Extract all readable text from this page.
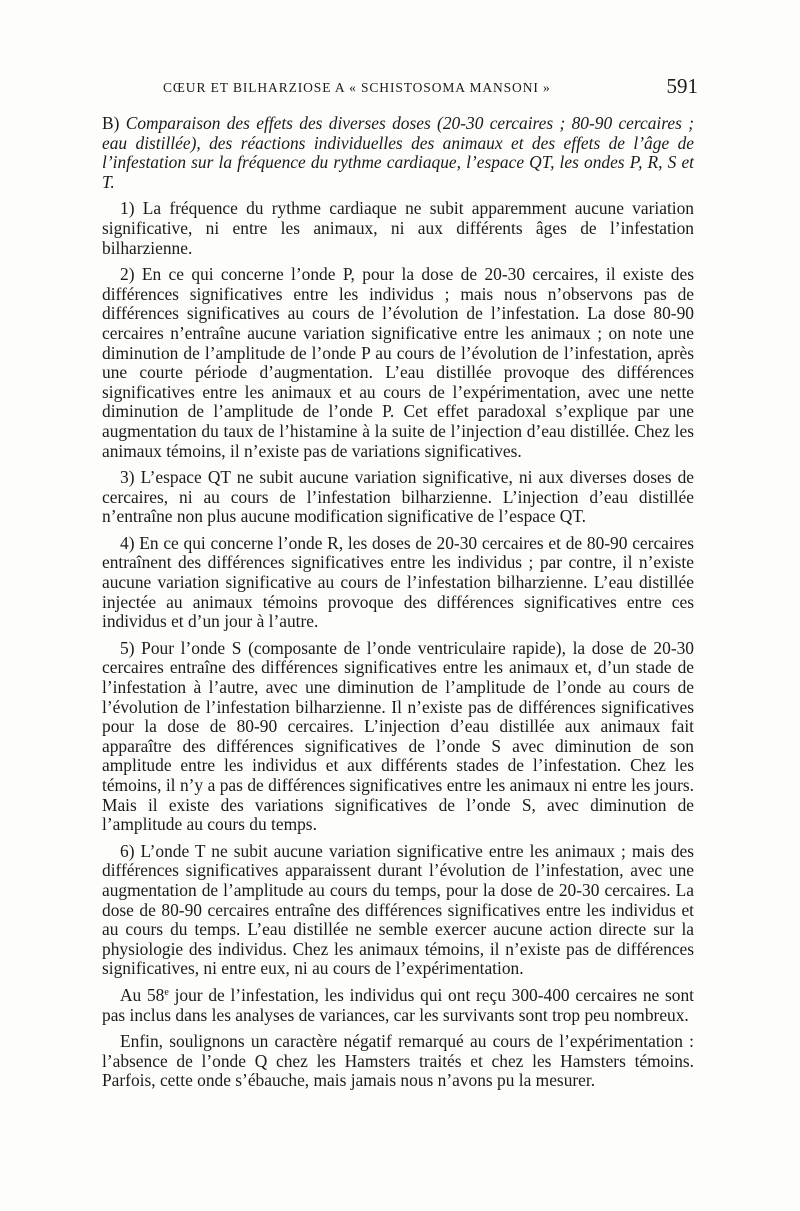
CŒUR ET BILHARZIOSE A « SCHISTOSOMA MANSONI »	591

B) Comparaison des effets des diverses doses (20-30 cercaires ; 80-90 cercaires ; eau distillée), des réactions individuelles des animaux et des effets de l’âge de l’infestation sur la fréquence du rythme cardiaque, l’espace QT, les ondes P, R, S et T.

1) La fréquence du rythme cardiaque ne subit apparemment aucune variation significative, ni entre les animaux, ni aux différents âges de l’infestation bilharzienne.

2) En ce qui concerne l’onde P, pour la dose de 20-30 cercaires, il existe des différences significatives entre les individus ; mais nous n’observons pas de différences significatives au cours de l’évolution de l’infestation. La dose 80-90 cercaires n’entraîne aucune variation significative entre les animaux ; on note une diminution de l’amplitude de l’onde P au cours de l’évolution de l’infestation, après une courte période d’augmentation. L’eau distillée provoque des différences significatives entre les animaux et au cours de l’expérimentation, avec une nette diminution de l’amplitude de l’onde P. Cet effet paradoxal s’explique par une augmentation du taux de l’histamine à la suite de l’injection d’eau distillée. Chez les animaux témoins, il n’existe pas de variations significatives.

3) L’espace QT ne subit aucune variation significative, ni aux diverses doses de cercaires, ni au cours de l’infestation bilharzienne. L’injection d’eau distillée n’entraîne non plus aucune modification significative de l’espace QT.

4) En ce qui concerne l’onde R, les doses de 20-30 cercaires et de 80-90 cercaires entraînent des différences significatives entre les individus ; par contre, il n’existe aucune variation significative au cours de l’infestation bilharzienne. L’eau distillée injectée au animaux témoins provoque des différences significatives entre ces individus et d’un jour à l’autre.

5) Pour l’onde S (composante de l’onde ventriculaire rapide), la dose de 20-30 cercaires entraîne des différences significatives entre les animaux et, d’un stade de l’infestation à l’autre, avec une diminution de l’amplitude de l’onde au cours de l’évolution de l’infestation bilharzienne. Il n’existe pas de différences significatives pour la dose de 80-90 cercaires. L’injection d’eau distillée aux animaux fait apparaître des différences significatives de l’onde S avec diminution de son amplitude entre les individus et aux différents stades de l’infestation. Chez les témoins, il n’y a pas de différences significatives entre les animaux ni entre les jours. Mais il existe des variations significatives de l’onde S, avec diminution de l’amplitude au cours du temps.

6) L’onde T ne subit aucune variation significative entre les animaux ; mais des différences significatives apparaissent durant l’évolution de l’infestation, avec une augmentation de l’amplitude au cours du temps, pour la dose de 20-30 cercaires. La dose de 80-90 cercaires entraîne des différences significatives entre les individus et au cours du temps. L’eau distillée ne semble exercer aucune action directe sur la physiologie des individus. Chez les animaux témoins, il n’existe pas de différences significatives, ni entre eux, ni au cours de l’expérimentation.

Au 58e jour de l’infestation, les individus qui ont reçu 300-400 cercaires ne sont pas inclus dans les analyses de variances, car les survivants sont trop peu nombreux.

Enfin, soulignons un caractère négatif remarqué au cours de l’expérimentation : l’absence de l’onde Q chez les Hamsters traités et chez les Hamsters témoins. Parfois, cette onde s’ébauche, mais jamais nous n’avons pu la mesurer.
